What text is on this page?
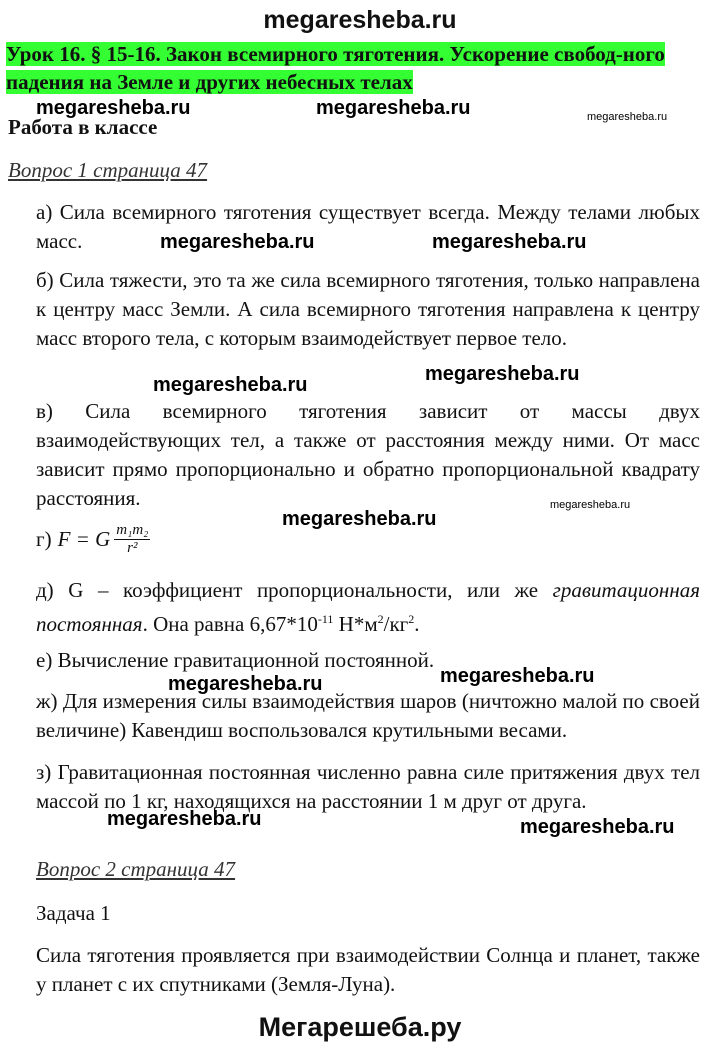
megaresheba.ru
Урок 16. § 15-16. Закон всемирного тяготения. Ускорение свобод-ного падения на Земле и других небесных телах
Работа в классе
Вопрос 1 страница 47
а) Сила всемирного тяготения существует всегда. Между телами любых масс.
б) Сила тяжести, это та же сила всемирного тяготения, только направлена к центру масс Земли. А сила всемирного тяготения направлена к центру масс второго тела, с которым взаимодействует первое тело.
в) Сила всемирного тяготения зависит от массы двух взаимодействующих тел, а также от расстояния между ними. От масс зависит прямо пропорционально и обратно пропорциональной квадрату расстояния.
г) F = G $\frac{\text{m₁m₂}}{\text{r²}}$
д) G – коэффициент пропорциональности, или же гравитационная постоянная. Она равна $6,67*10^{-11}$ $Н*м^2/кг^2$.
е) Вычисление гравитационной постоянной.
ж) Для измерения силы взаимодействия шаров (ничтожно малой по своей величине) Кавендиш воспользовался крутильными весами.
з) Гравитационная постоянная численно равна силе притяжения двух тел массой по 1 кг, находящихся на расстоянии 1 м друг от друга.
Вопрос 2 страница 47
Задача 1
Сила тяготения проявляется при взаимодействии Солнца и планет, также у планет с их спутниками (Земля-Луна).
megaresheba.ru	megaresheba.ru	megaresheba.ru
megaresheba.ru	megaresheba.ru
megaresheba.ru	megaresheba.ru
megaresheba.ru
megaresheba.ru
megaresheba.ru
megaresheba.ru
megaresheba.ru	megaresheba.ru
Мегарешеба.ру
